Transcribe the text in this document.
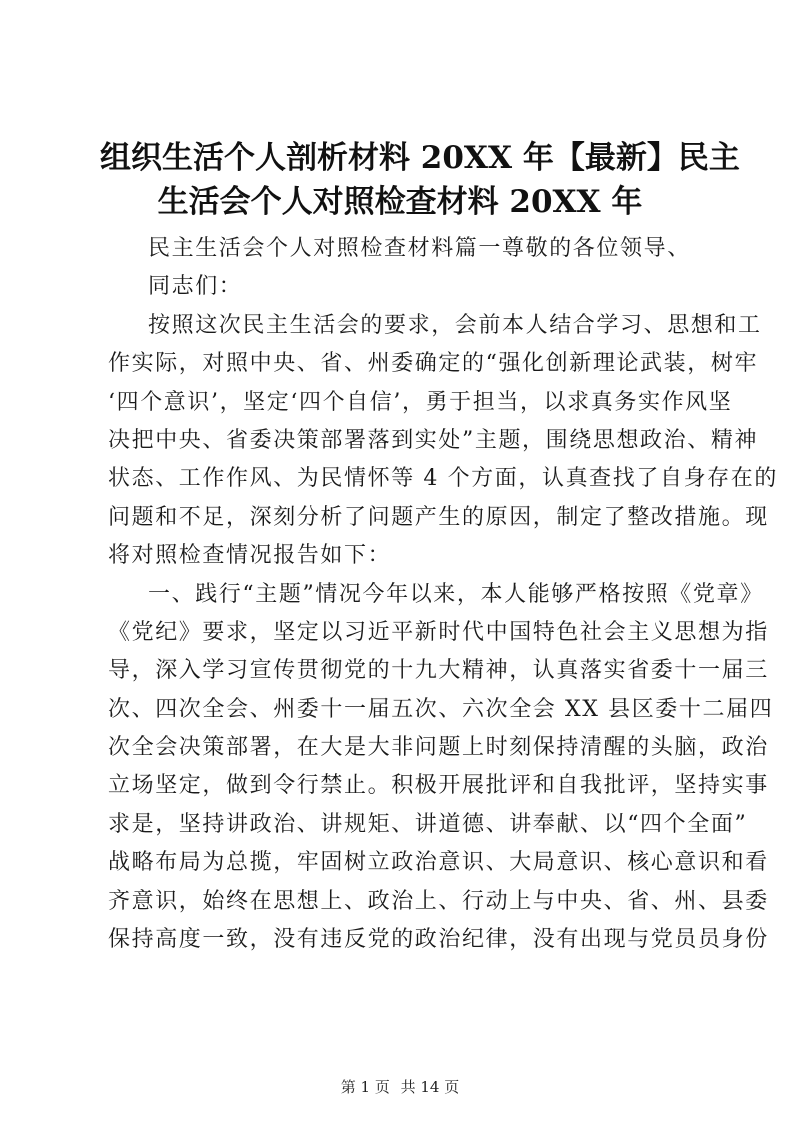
组织生活个人剖析材料 20XX 年【最新】民主
生活会个人对照检查材料 20XX 年
民主生活会个人对照检查材料篇一尊敬的各位领导、
同志们：
按照这次民主生活会的要求，会前本人结合学习、思想和工
作实际，对照中央、省、州委确定的“强化创新理论武装，树牢
‘四个意识’，坚定‘四个自信’，勇于担当，以求真务实作风坚
决把中央、省委决策部署落到实处”主题，围绕思想政治、精神
状态、工作作风、为民情怀等 4 个方面，认真查找了自身存在的
问题和不足，深刻分析了问题产生的原因，制定了整改措施。现
将对照检查情况报告如下：
一、践行“主题”情况今年以来，本人能够严格按照《党章》
《党纪》要求，坚定以习近平新时代中国特色社会主义思想为指
导，深入学习宣传贯彻党的十九大精神，认真落实省委十一届三
次、四次全会、州委十一届五次、六次全会 XX 县区委十二届四
次全会决策部署，在大是大非问题上时刻保持清醒的头脑，政治
立场坚定，做到令行禁止。积极开展批评和自我批评，坚持实事
求是，坚持讲政治、讲规矩、讲道德、讲奉献、以“四个全面”
战略布局为总揽，牢固树立政治意识、大局意识、核心意识和看
齐意识，始终在思想上、政治上、行动上与中央、省、州、县委
保持高度一致，没有违反党的政治纪律，没有出现与党员员身份
第 1 页 共 14 页
